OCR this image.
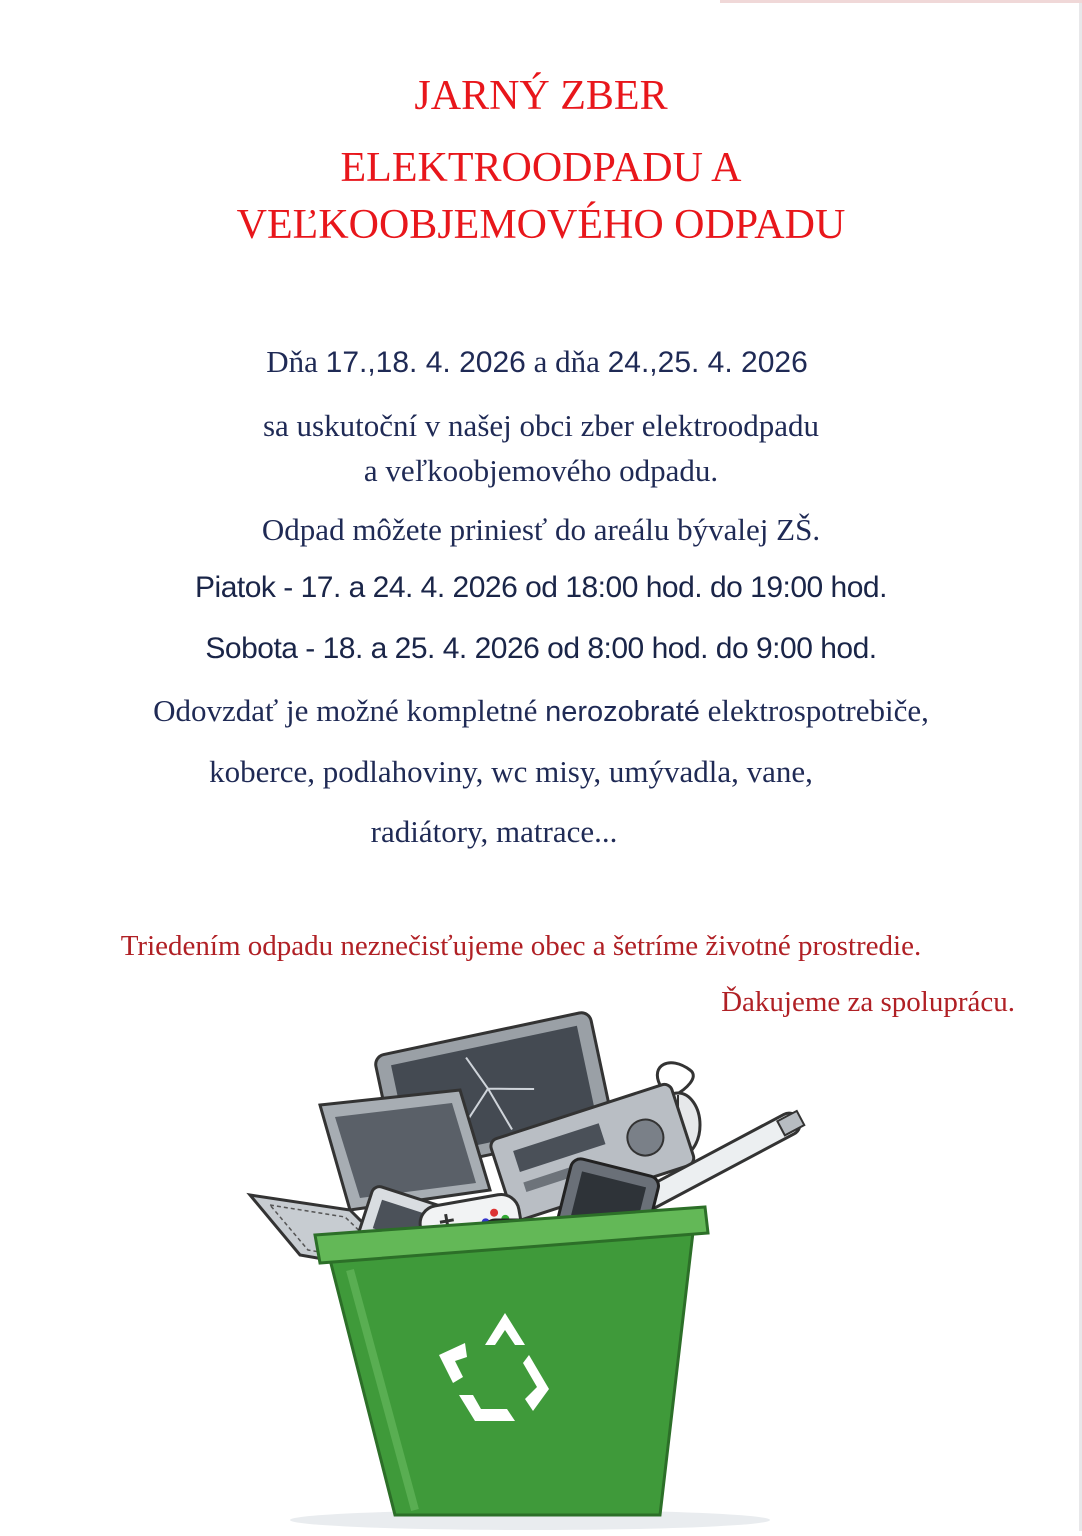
JARNÝ ZBER
ELEKTROODPADU A
VEĽKOOBJEMOVÉHO ODPADU
Dňa 17.,18. 4. 2026 a dňa 24.,25. 4. 2026
sa uskutoční v našej obci zber elektroodpadu
a veľkoobjemového odpadu.
Odpad môžete priniesť do areálu bývalej ZŠ.
Piatok - 17. a 24. 4. 2026 od 18:00 hod. do 19:00 hod.
Sobota - 18. a 25. 4. 2026 od 8:00 hod. do 9:00 hod.
Odovzdať je možné kompletné nerozobraté elektrospotrebiče,
koberce, podlahoviny, wc misy, umývadla, vane,
radiátory, matrace...
Triedením odpadu neznečisťujeme obec a šetríme životné prostredie.
Ďakujeme za spoluprácu.
